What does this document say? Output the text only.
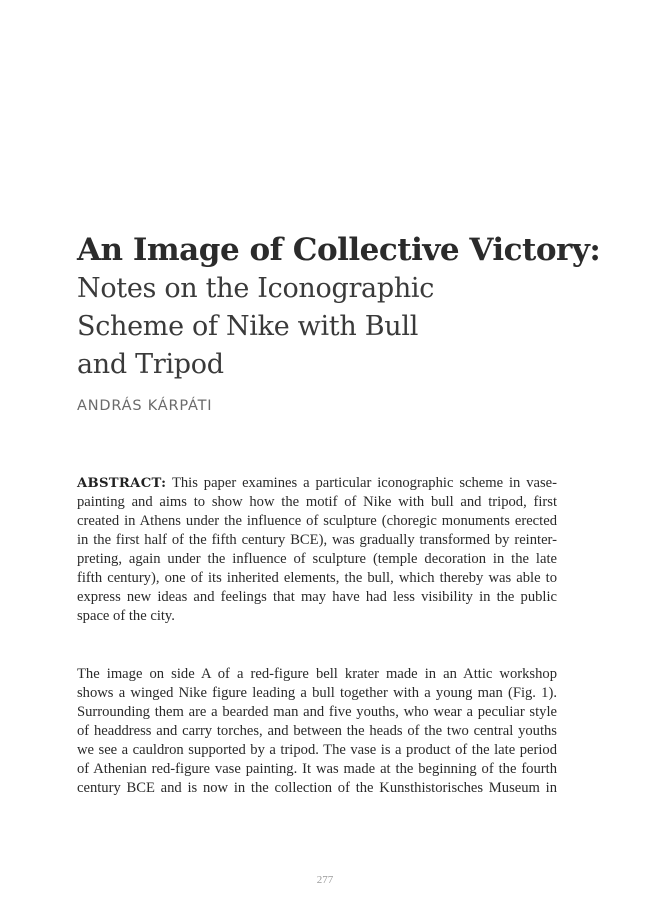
An Image of Collective Victory:
Notes on the Iconographic
Scheme of Nike with Bull
and Tripod

ANDRÁS KÁRPÁTI

ABSTRACT: This paper examines a particular iconographic scheme in vase-
painting and aims to show how the motif of Nike with bull and tripod, first
created in Athens under the influence of sculpture (choregic monuments erected
in the first half of the fifth century BCE), was gradually transformed by reinter-
preting, again under the influence of sculpture (temple decoration in the late
fifth century), one of its inherited elements, the bull, which thereby was able to
express new ideas and feelings that may have had less visibility in the public
space of the city.
The image on side A of a red-figure bell krater made in an Attic workshop
shows a winged Nike figure leading a bull together with a young man (Fig. 1).
Surrounding them are a bearded man and five youths, who wear a peculiar style
of headdress and carry torches, and between the heads of the two central youths
we see a cauldron supported by a tripod. The vase is a product of the late period
of Athenian red-figure vase painting. It was made at the beginning of the fourth
century BCE and is now in the collection of the Kunsthistorisches Museum in

277
